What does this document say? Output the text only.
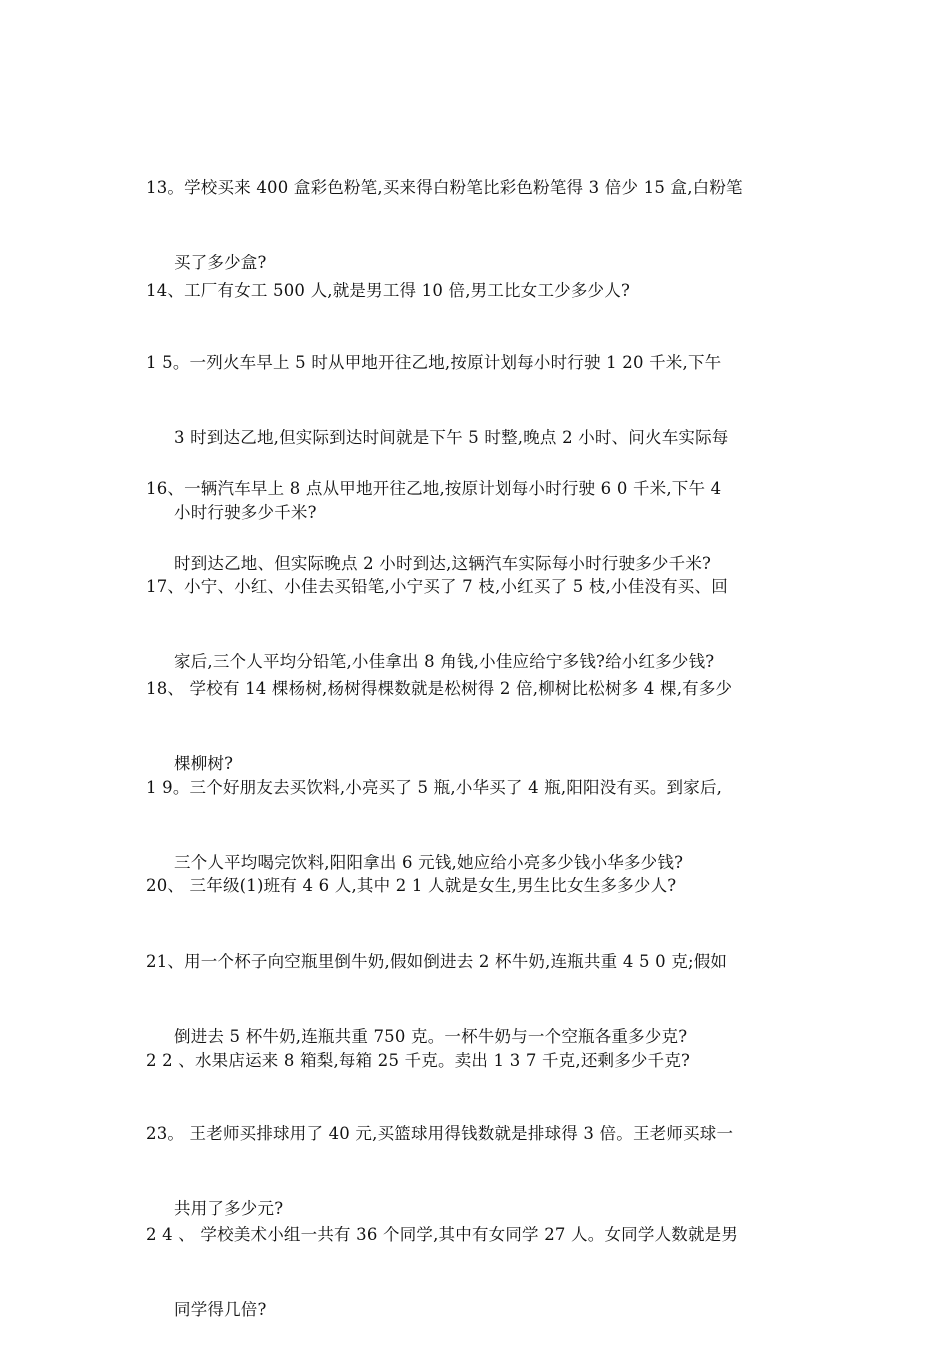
13。学校买来 400 盒彩色粉笔,买来得白粉笔比彩色粉笔得 3 倍少 15 盒,白粉笔

买了多少盒?

14、工厂有女工 500 人,就是男工得 10 倍,男工比女工少多少人?

1 5。一列火车早上 5 时从甲地开往乙地,按原计划每小时行驶 1 20 千米,下午

3 时到达乙地,但实际到达时间就是下午 5 时整,晚点 2 小时、问火车实际每

小时行驶多少千米?

16、一辆汽车早上 8 点从甲地开往乙地,按原计划每小时行驶 6 0 千米,下午 4

时到达乙地、但实际晚点 2 小时到达,这辆汽车实际每小时行驶多少千米?

17、小宁、小红、小佳去买铅笔,小宁买了 7 枝,小红买了 5 枝,小佳没有买、回

家后,三个人平均分铅笔,小佳拿出 8 角钱,小佳应给宁多钱?给小红多少钱?

18、 学校有 14 棵杨树,杨树得棵数就是松树得 2 倍,柳树比松树多 4 棵,有多少

棵柳树?

1 9。三个好朋友去买饮料,小亮买了 5 瓶,小华买了 4 瓶,阳阳没有买。到家后,

三个人平均喝完饮料,阳阳拿出 6 元钱,她应给小亮多少钱小华多少钱?

20、 三年级(1)班有 4 6 人,其中 2 1 人就是女生,男生比女生多多少人?

21、用一个杯子向空瓶里倒牛奶,假如倒进去 2 杯牛奶,连瓶共重 4 5 0 克;假如

倒进去 5 杯牛奶,连瓶共重 750 克。一杯牛奶与一个空瓶各重多少克?

2 2 、水果店运来 8 箱梨,每箱 25 千克。卖出 1 3 7 千克,还剩多少千克?

23。 王老师买排球用了 40 元,买篮球用得钱数就是排球得 3 倍。王老师买球一

共用了多少元?

2 4 、 学校美术小组一共有 36 个同学,其中有女同学 27 人。女同学人数就是男

同学得几倍?
